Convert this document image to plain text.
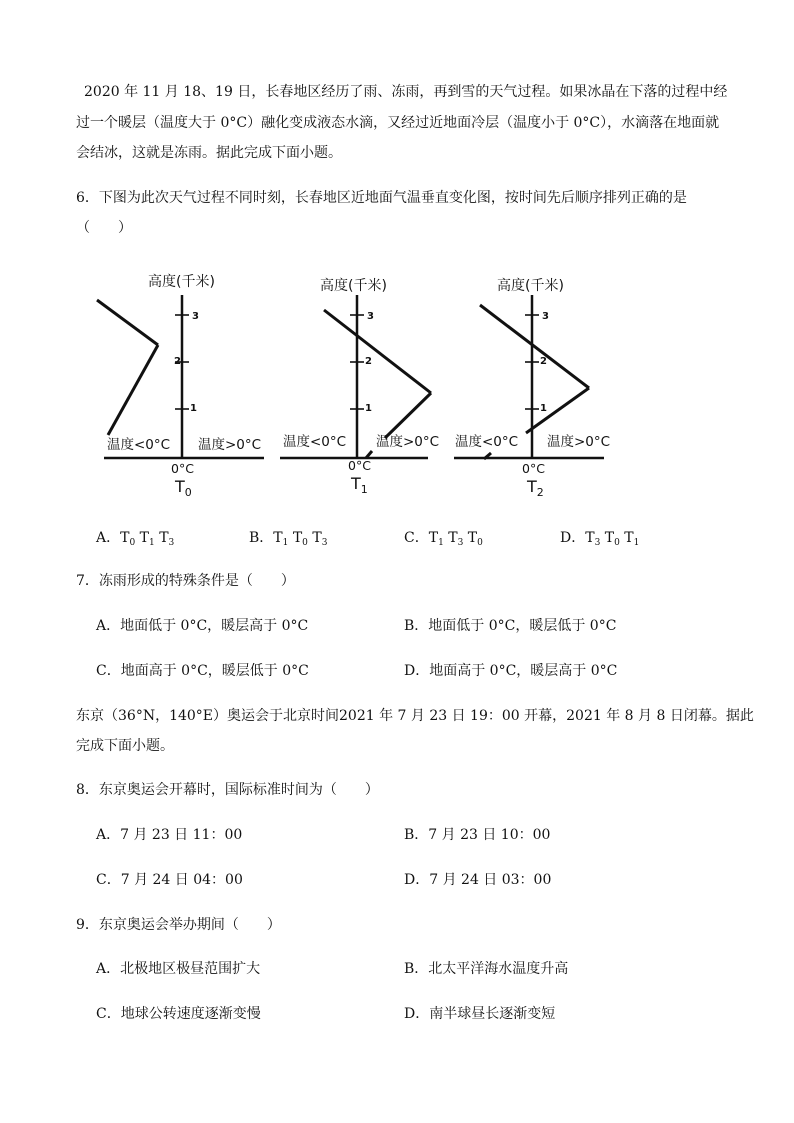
2020 年 11 月 18、19 日，长春地区经历了雨、冻雨，再到雪的天气过程。如果冰晶在下落的过程中经
过一个暖层（温度大于 0°C）融化变成液态水滴，又经过近地面冷层（温度小于 0°C），水滴落在地面就
会结冰，这就是冻雨。据此完成下面小题。
6．下图为此次天气过程不同时刻，长春地区近地面气温垂直变化图，按时间先后顺序排列正确的是
（　　）
3
2
1
3
2
1
3
2
1
高度(千米)	高度(千米)	高度(千米)
温度<0°C 温度>0°C 温度<0°C 温度>0°C 温度<0°C 温度>0°C
0°C	0°C	0°C
$T_0$	$T_1$	$T_2$
A．$T_0$ $T_1$ $T_3$	B．$T_1$ $T_0$ $T_3$	C．$T_1$ $T_3$ $T_0$	D．$T_3$ $T_0$ $T_1$
7．冻雨形成的特殊条件是（　　）
A．地面低于 0°C，暖层高于 0°C	B．地面低于 0°C，暖层低于 0°C
C．地面高于 0°C，暖层低于 0°C	D．地面高于 0°C，暖层高于 0°C
东京（36°N，140°E）奥运会于北京时间2021 年 7 月 23 日 19：00 开幕，2021 年 8 月 8 日闭幕。据此
完成下面小题。
8．东京奥运会开幕时，国际标准时间为（　　）
A．7 月 23 日 11：00	B．7 月 23 日 10：00
C．7 月 24 日 04：00	D．7 月 24 日 03：00
9．东京奥运会举办期间（　　）
A．北极地区极昼范围扩大	B．北太平洋海水温度升高
C．地球公转速度逐渐变慢	D．南半球昼长逐渐变短
